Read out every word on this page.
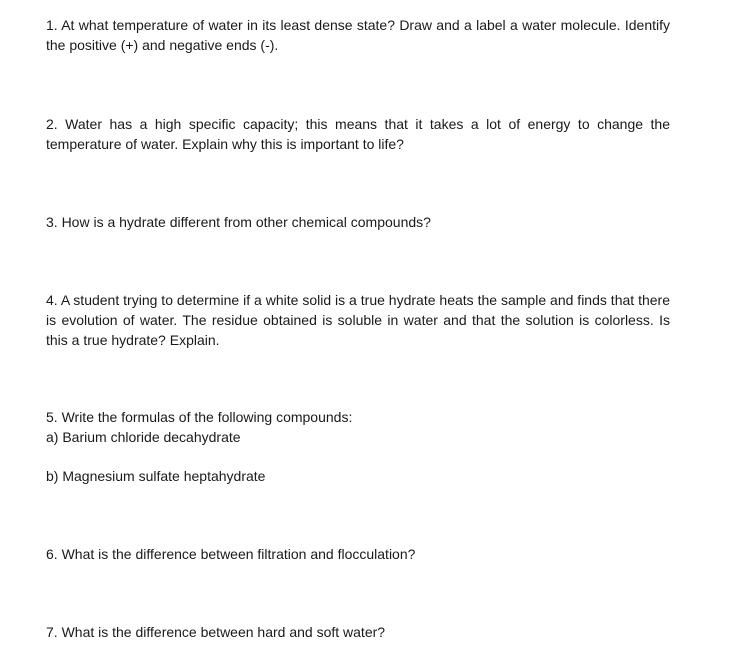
1. At what temperature of water in its least dense state? Draw and a label a water molecule. Identify the positive (+) and negative ends (-).

2. Water has a high specific capacity; this means that it takes a lot of energy to change the temperature of water. Explain why this is important to life?

3. How is a hydrate different from other chemical compounds?

4. A student trying to determine if a white solid is a true hydrate heats the sample and finds that there is evolution of water. The residue obtained is soluble in water and that the solution is colorless. Is this a true hydrate? Explain.

5. Write the formulas of the following compounds:

a) Barium chloride decahydrate

b) Magnesium sulfate heptahydrate

6. What is the difference between filtration and flocculation?

7. What is the difference between hard and soft water?
